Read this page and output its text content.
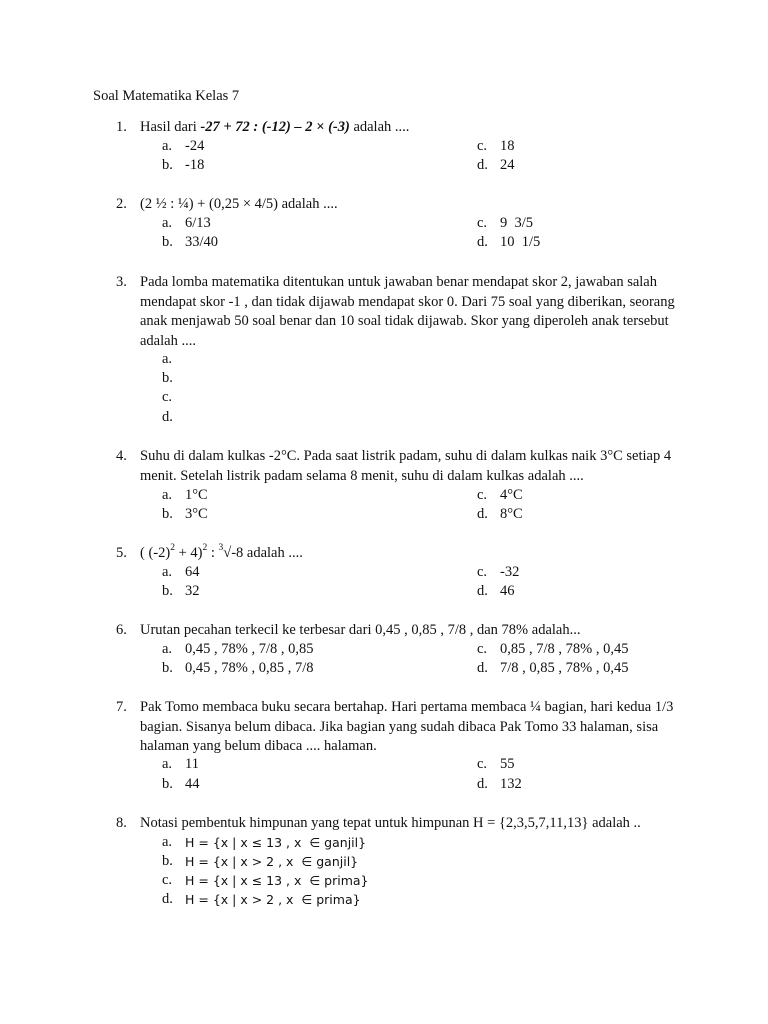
Soal Matematika Kelas 7
1. Hasil dari -27 + 72 : (-12) – 2 × (-3) adalah ....
a. -24
b. -18
c. 18
d. 24
2. (2 ½ : ¼) + (0,25 × 4/5) adalah ....
a. 6/13
b. 33/40
c. 9  3/5
d. 10  1/5
3. Pada lomba matematika ditentukan untuk jawaban benar mendapat skor 2, jawaban salah mendapat skor -1 , dan tidak dijawab mendapat skor 0. Dari 75 soal yang diberikan, seorang anak menjawab 50 soal benar dan 10 soal tidak dijawab. Skor yang diperoleh anak tersebut adalah ....
a.
b.
c.
d.
4. Suhu di dalam kulkas -2°C. Pada saat listrik padam, suhu di dalam kulkas naik 3°C setiap 4 menit. Setelah listrik padam selama 8 menit, suhu di dalam kulkas adalah ....
a. 1°C
b. 3°C
c. 4°C
d. 8°C
5. ( $(-2)^2 + 4)^2$ : $^3$√-8 adalah ....
a. 64
b. 32
c. -32
d. 46
6. Urutan pecahan terkecil ke terbesar dari 0,45 , 0,85 , 7/8 , dan 78% adalah...
a. 0,45 , 78% , 7/8 , 0,85
b. 0,45 , 78% , 0,85 , 7/8
c. 0,85 , 7/8 , 78% , 0,45
d. 7/8 , 0,85 , 78% , 0,45
7. Pak Tomo membaca buku secara bertahap. Hari pertama membaca ¼ bagian, hari kedua 1/3 bagian. Sisanya belum dibaca. Jika bagian yang sudah dibaca Pak Tomo 33 halaman, sisa halaman yang belum dibaca .... halaman.
a. 11
b. 44
c. 55
d. 132
8. Notasi pembentuk himpunan yang tepat untuk himpunan H = {2,3,5,7,11,13} adalah ..
a.	H = {x | x ≤ 13 , x  ∈ ganjil}
b. H = {x | x > 2 , x  ∈ ganjil}
c.	H = {x | x ≤ 13 , x  ∈ prima}
d. H = {x | x > 2 , x  ∈ prima}
